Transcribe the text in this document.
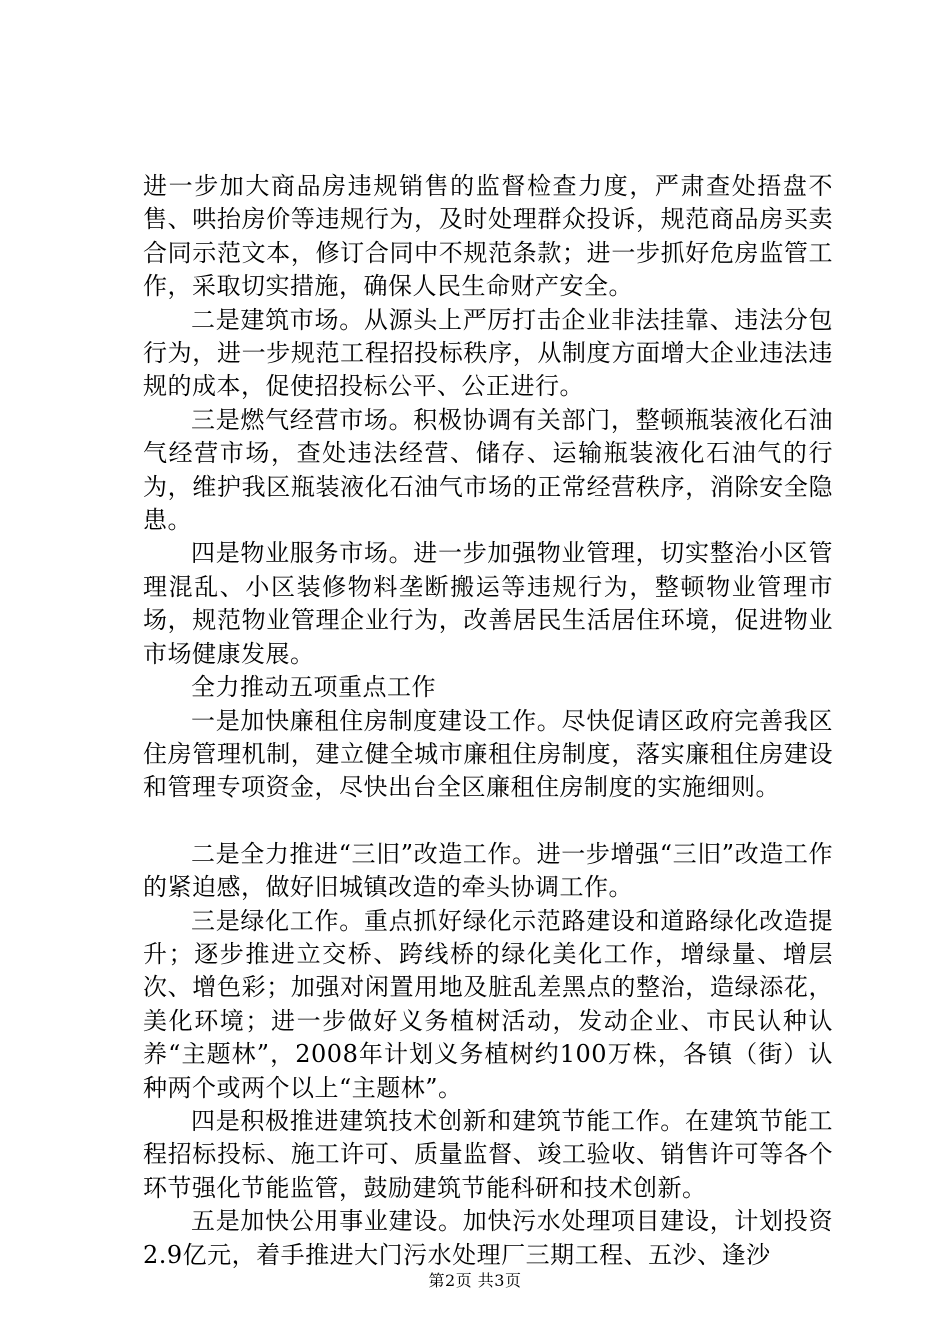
进一步加大商品房违规销售的监督检查力度，严肃查处捂盘不售、哄抬房价等违规行为，及时处理群众投诉，规范商品房买卖合同示范文本，修订合同中不规范条款；进一步抓好危房监管工作，采取切实措施，确保人民生命财产安全。

二是建筑市场。从源头上严厉打击企业非法挂靠、违法分包行为，进一步规范工程招投标秩序，从制度方面增大企业违法违规的成本，促使招投标公平、公正进行。

三是燃气经营市场。积极协调有关部门，整顿瓶装液化石油气经营市场，查处违法经营、储存、运输瓶装液化石油气的行为，维护我区瓶装液化石油气市场的正常经营秩序，消除安全隐患。

四是物业服务市场。进一步加强物业管理，切实整治小区管理混乱、小区装修物料垄断搬运等违规行为，整顿物业管理市场，规范物业管理企业行为，改善居民生活居住环境，促进物业市场健康发展。

全力推动五项重点工作

一是加快廉租住房制度建设工作。尽快促请区政府完善我区住房管理机制，建立健全城市廉租住房制度，落实廉租住房建设和管理专项资金，尽快出台全区廉租住房制度的实施细则。

二是全力推进“三旧”改造工作。进一步增强“三旧”改造工作的紧迫感，做好旧城镇改造的牵头协调工作。

三是绿化工作。重点抓好绿化示范路建设和道路绿化改造提升；逐步推进立交桥、跨线桥的绿化美化工作，增绿量、增层次、增色彩；加强对闲置用地及脏乱差黑点的整治，造绿添花，美化环境；进一步做好义务植树活动，发动企业、市民认种认养“主题林”，2008年计划义务植树约100万株，各镇（街）认种两个或两个以上“主题林”。

四是积极推进建筑技术创新和建筑节能工作。在建筑节能工程招标投标、施工许可、质量监督、竣工验收、销售许可等各个环节强化节能监管，鼓励建筑节能科研和技术创新。

五是加快公用事业建设。加快污水处理项目建设，计划投资2.9亿元，着手推进大门污水处理厂三期工程、五沙、逢沙

第2页 共3页
